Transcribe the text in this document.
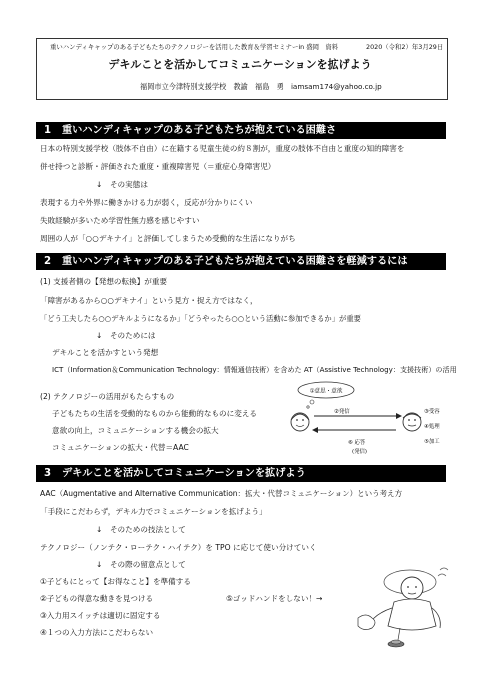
重いハンディキャップのある子どもたちのテクノロジーを活用した教育＆学習セミナーin 盛岡　資料	2020（令和2）年3月29日
デキルことを活かしてコミュニケーションを拡げよう
福岡市立今津特別支援学校　教諭　福島　勇　iamsam174@yahoo.co.jp
1 重いハンディキャップのある子どもたちが抱えている困難さ
日本の特別支援学校（肢体不自由）に在籍する児童生徒の約８割が，重度の肢体不自由と重度の知的障害を
併せ持つと診断・評価された重度・重複障害児（＝重症心身障害児）
↓　その実態は
表現する力や外界に働きかける力が弱く，反応が分かりにくい
失敗経験が多いため学習性無力感を感じやすい
周囲の人が「○○デキナイ」と評価してしまうため受動的な生活になりがち
2 重いハンディキャップのある子どもたちが抱えている困難さを軽減するには
(1) 支援者側の【発想の転換】が重要
「障害があるから○○デキナイ」という見方・捉え方ではなく，
「どう工夫したら○○デキルようになるか」「どうやったら○○という活動に参加できるか」が重要
↓　そのためには
デキルことを活かすという発想
ICT（Information＆Communication Technology：情報通信技術）を含めた AT（Assistive Technology：支援技術）の活用
(2) テクノロジーの活用がもたらすもの
子どもたちの生活を受動的なものから能動的なものに変える
意欲の向上，コミュニケーションする機会の拡大
コミュニケーションの拡大・代替＝AAC
①意思・意欲
②発信	③受容
④処理
⑤加工
⑥ 応答
(発信)
3 デキルことを活かしてコミュニケーションを拡げよう
AAC（Augmentative and Alternative Communication：拡大・代替コミュニケーション）という考え方
「手段にこだわらず，デキル力でコミュニケーションを拡げよう」
↓　そのための技法として
テクノロジー（ノンテク・ローテク・ハイテク）を TPO に応じて使い分けていく
↓　その際の留意点として
①子どもにとって【お得なこと】を準備する
②子どもの得意な動きを見つける
③入力用スイッチは適切に固定する
④１つの入力方法にこだわらない
⑤ゴッドハンドをしない！→
